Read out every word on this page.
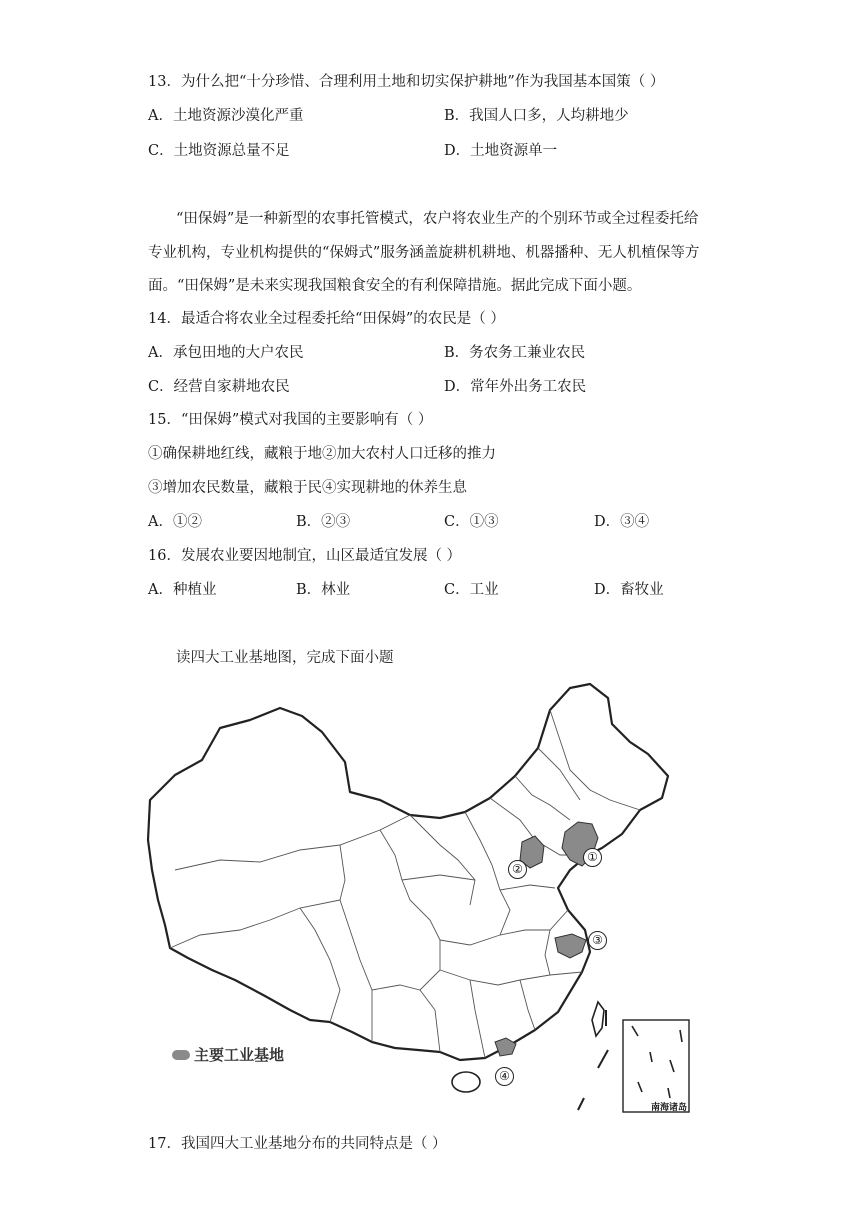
13．为什么把“十分珍惜、合理利用土地和切实保护耕地”作为我国基本国策（ ）
A．土地资源沙漠化严重	B．我国人口多，人均耕地少
C．土地资源总量不足	D．土地资源单一
“田保姆”是一种新型的农事托管模式，农户将农业生产的个别环节或全过程委托给
专业机构，专业机构提供的“保姆式”服务涵盖旋耕机耕地、机器播种、无人机植保等方
面。“田保姆”是未来实现我国粮食安全的有利保障措施。据此完成下面小题。
14．最适合将农业全过程委托给“田保姆”的农民是（ ）
A．承包田地的大户农民	B．务农务工兼业农民
C．经营自家耕地农民	D．常年外出务工农民
15．“田保姆”模式对我国的主要影响有（ ）
①确保耕地红线，藏粮于地②加大农村人口迁移的推力
③增加农民数量，藏粮于民④实现耕地的休养生息
A．①②	B．②③	C．①③	D．③④
16．发展农业要因地制宜，山区最适宜发展（ ）
A．种植业	B．林业	C．工业	D．畜牧业
读四大工业基地图，完成下面小题
①
②
③
④
主要工业基地
南海诸岛
17．我国四大工业基地分布的共同特点是（ ）
